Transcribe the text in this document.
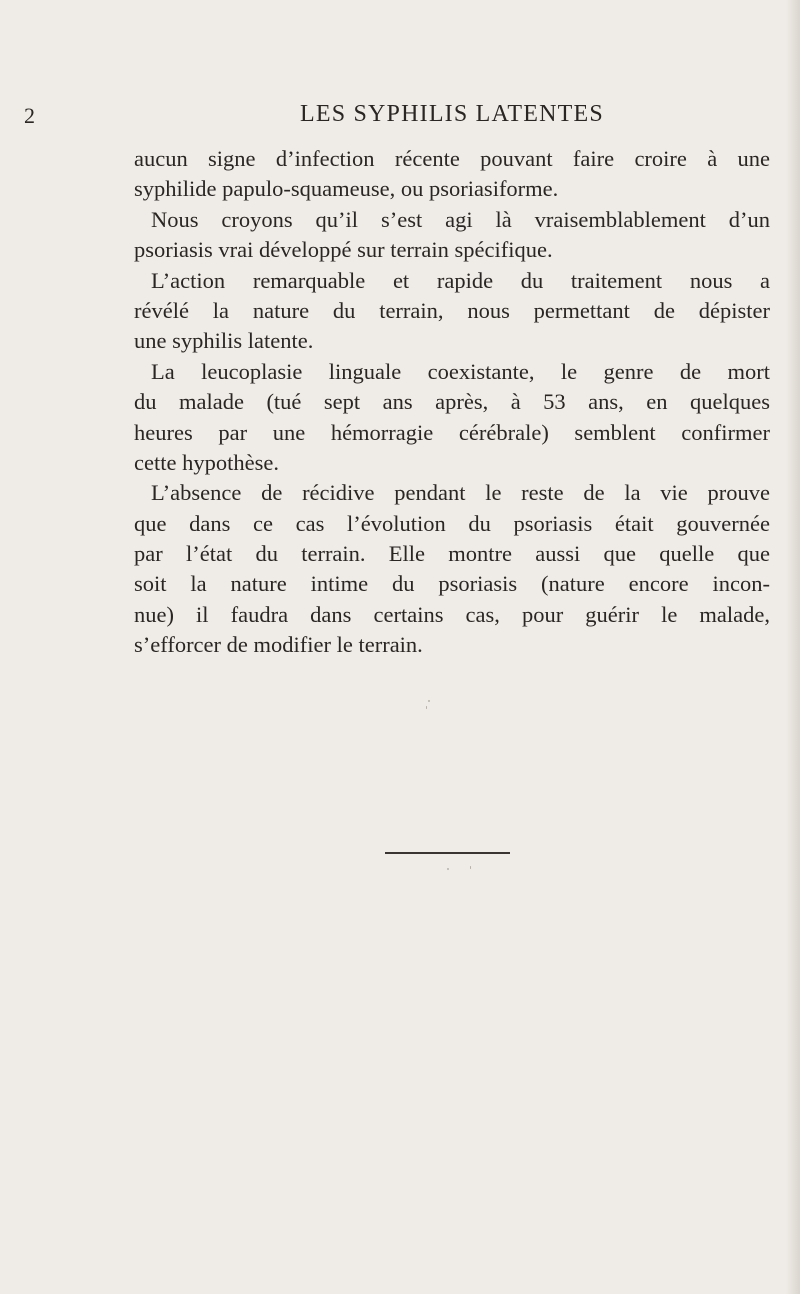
2	LES SYPHILIS LATENTES
aucun signe d’infection récente pouvant faire croire à une
syphilide papulo-squameuse, ou psoriasiforme.
Nous croyons qu’il s’est agi là vraisemblablement d’un
psoriasis vrai développé sur terrain spécifique.
L’action remarquable et rapide du traitement nous a
révélé la nature du terrain, nous permettant de dépister
une syphilis latente.
La leucoplasie linguale coexistante, le genre de mort
du malade (tué sept ans après, à 53 ans, en quelques
heures par une hémorragie cérébrale) semblent confirmer
cette hypothèse.
L’absence de récidive pendant le reste de la vie prouve
que dans ce cas l’évolution du psoriasis était gouvernée
par l’état du terrain. Elle montre aussi que quelle que
soit la nature intime du psoriasis (nature encore incon-
nue) il faudra dans certains cas, pour guérir le malade,
s’efforcer de modifier le terrain.
